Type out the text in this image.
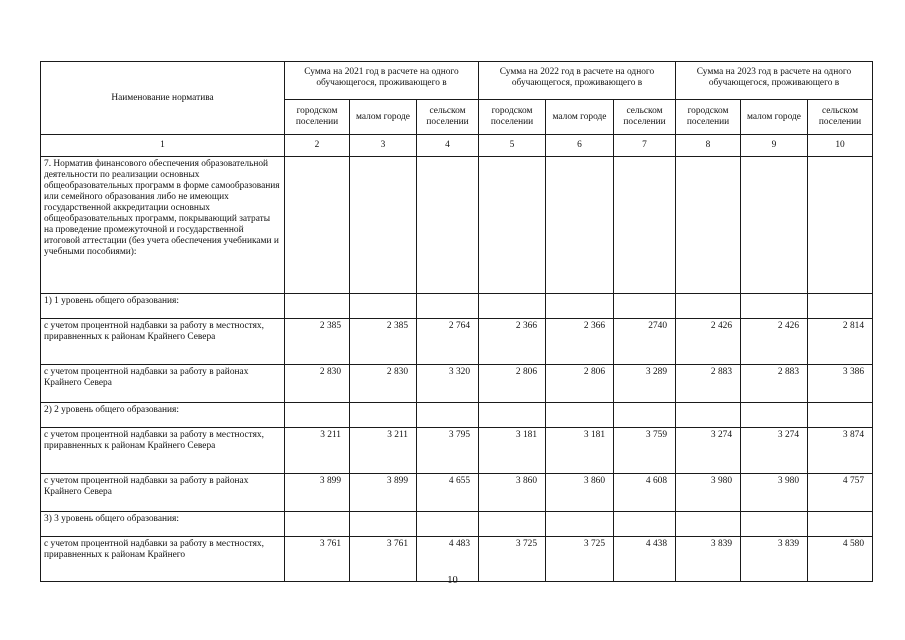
Наименование норматива	Сумма на 2021 год в расчете на одного обучающегося, проживающего в			Сумма на 2022 год в расчете на одного обучающегося, проживающего в			Сумма на 2023 год в расчете на одного обучающегося, проживающего в		
	городском поселении	малом городе	сельском поселении	городском поселении	малом городе	сельском поселении	городском поселении	малом городе	сельском поселении
1	2	3	4	5	6	7	8	9	10
7. Норматив финансового обеспечения образовательной деятельности по реализации основных общеобразовательных программ в форме самообразования или семейного образования либо не имеющих государственной аккредитации основных общеобразовательных программ, покрывающий затраты на проведение промежуточной и государственной итоговой аттестации (без учета обеспечения учебниками и учебными пособиями):									
1) 1 уровень общего образования:									
с учетом процентной надбавки за работу в местностях, приравненных к районам Крайнего Севера	2 385	2 385	2 764	2 366	2 366	2740	2 426	2 426	2 814
с учетом процентной надбавки за работу в районах Крайнего Севера	2 830	2 830	3 320	2 806	2 806	3 289	2 883	2 883	3 386
2) 2 уровень общего образования:									
с учетом процентной надбавки за работу в местностях, приравненных к районам Крайнего Севера	3 211	3 211	3 795	3 181	3 181	3 759	3 274	3 274	3 874
с учетом процентной надбавки за работу в районах Крайнего Севера	3 899	3 899	4 655	3 860	3 860	4 608	3 980	3 980	4 757
3) 3 уровень общего образования:									
с учетом процентной надбавки за работу в местностях, приравненных к районам Крайнего	3 761	3 761	4 483	3 725	3 725	4 438	3 839	3 839	4 580
10
